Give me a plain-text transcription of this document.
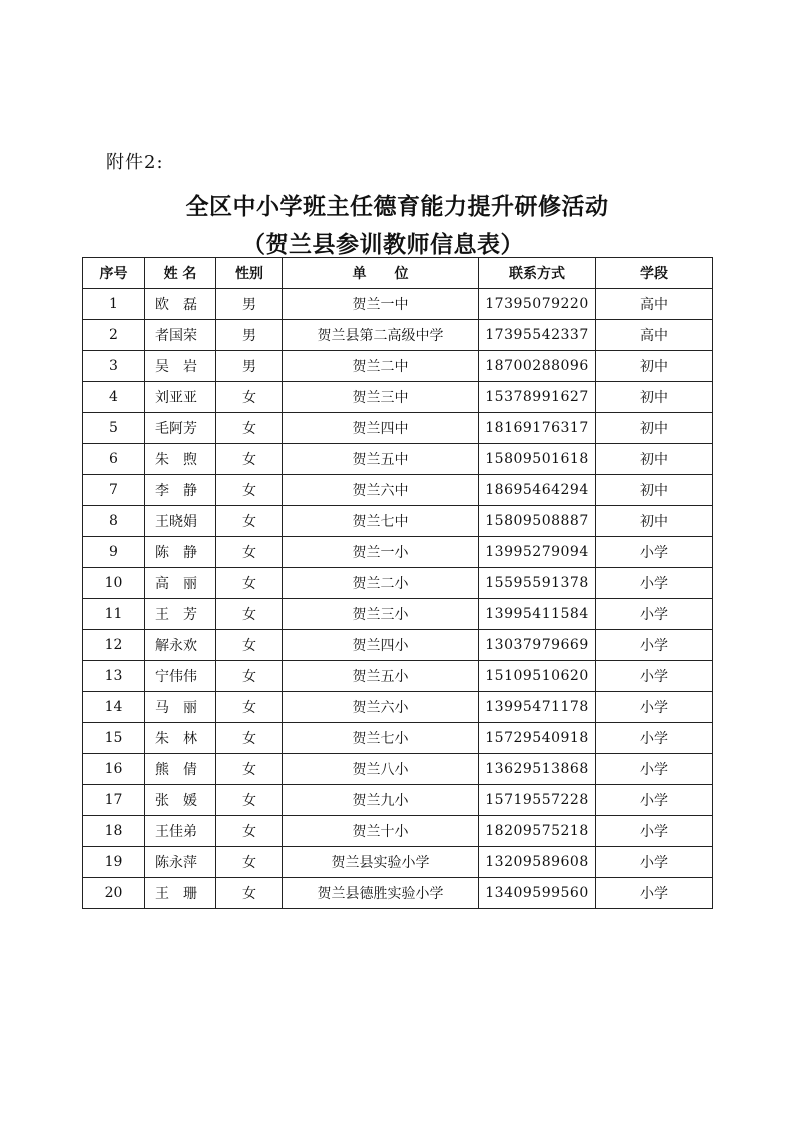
附件2:
全区中小学班主任德育能力提升研修活动
（贺兰县参训教师信息表）
序号	姓 名	性别	单　　位	联系方式	学段
1	欧　磊	男	贺兰一中	17395079220	高中
2	者国荣	男	贺兰县第二高级中学	17395542337	高中
3	吴　岩	男	贺兰二中	18700288096	初中
4	刘亚亚	女	贺兰三中	15378991627	初中
5	毛阿芳	女	贺兰四中	18169176317	初中
6	朱　煦	女	贺兰五中	15809501618	初中
7	李　静	女	贺兰六中	18695464294	初中
8	王晓娟	女	贺兰七中	15809508887	初中
9	陈　静	女	贺兰一小	13995279094	小学
10	高　丽	女	贺兰二小	15595591378	小学
11	王　芳	女	贺兰三小	13995411584	小学
12	解永欢	女	贺兰四小	13037979669	小学
13	宁伟伟	女	贺兰五小	15109510620	小学
14	马　丽	女	贺兰六小	13995471178	小学
15	朱　林	女	贺兰七小	15729540918	小学
16	熊　倩	女	贺兰八小	13629513868	小学
17	张　媛	女	贺兰九小	15719557228	小学
18	王佳弟	女	贺兰十小	18209575218	小学
19	陈永萍	女	贺兰县实验小学	13209589608	小学
20	王　珊	女	贺兰县德胜实验小学	13409599560	小学
